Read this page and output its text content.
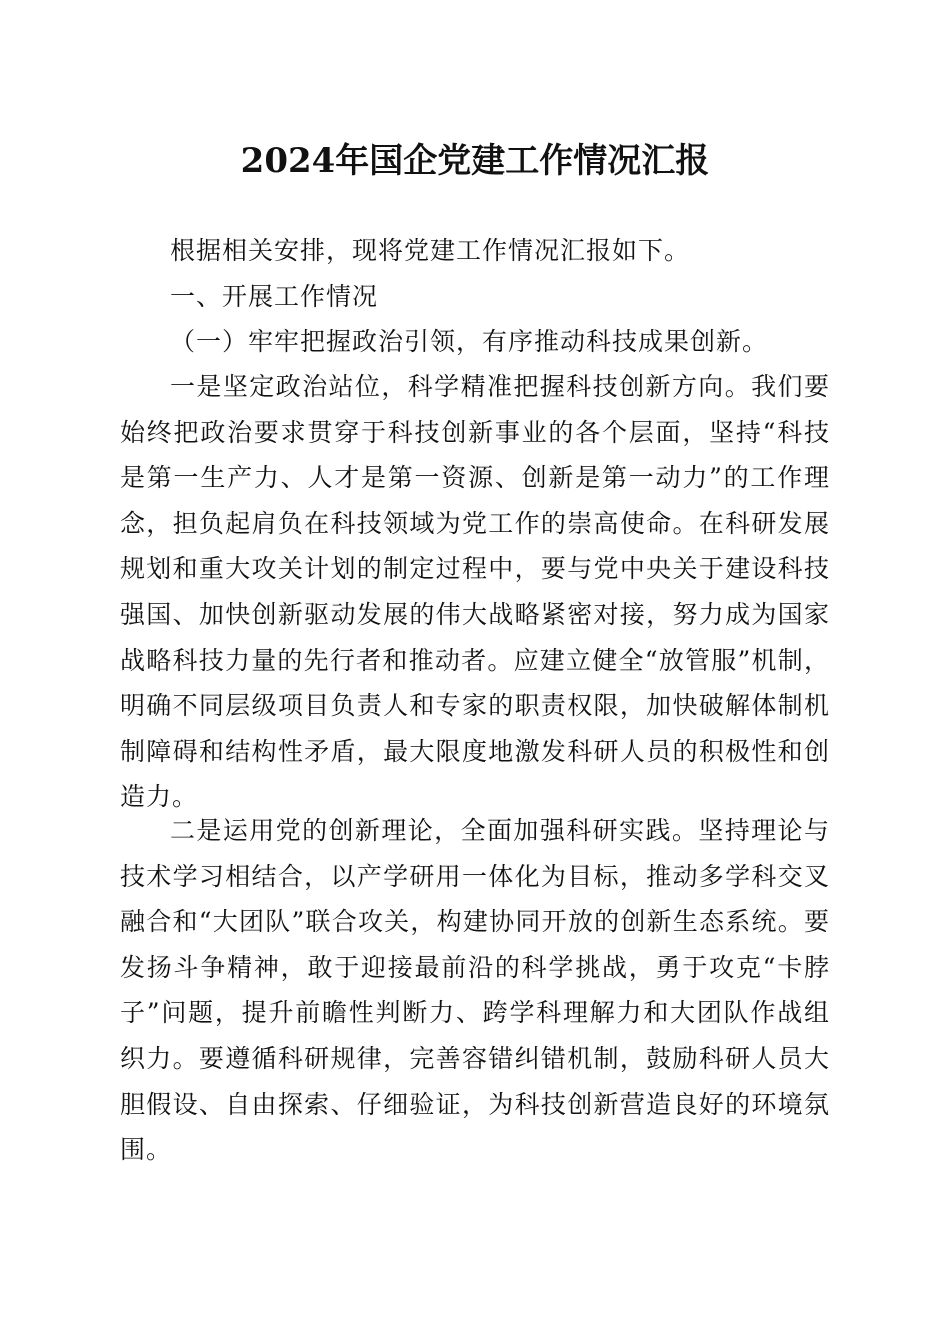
2024年国企党建工作情况汇报

根据相关安排，现将党建工作情况汇报如下。

一、开展工作情况

（一）牢牢把握政治引领，有序推动科技成果创新。

一是坚定政治站位，科学精准把握科技创新方向。我们要始终把政治要求贯穿于科技创新事业的各个层面，坚持“科技是第一生产力、人才是第一资源、创新是第一动力”的工作理念，担负起肩负在科技领域为党工作的崇高使命。在科研发展规划和重大攻关计划的制定过程中，要与党中央关于建设科技强国、加快创新驱动发展的伟大战略紧密对接，努力成为国家战略科技力量的先行者和推动者。应建立健全“放管服”机制，明确不同层级项目负责人和专家的职责权限，加快破解体制机制障碍和结构性矛盾，最大限度地激发科研人员的积极性和创造力。

二是运用党的创新理论，全面加强科研实践。坚持理论与技术学习相结合，以产学研用一体化为目标，推动多学科交叉融合和“大团队”联合攻关，构建协同开放的创新生态系统。要发扬斗争精神，敢于迎接最前沿的科学挑战，勇于攻克“卡脖子”问题，提升前瞻性判断力、跨学科理解力和大团队作战组织力。要遵循科研规律，完善容错纠错机制，鼓励科研人员大胆假设、自由探索、仔细验证，为科技创新营造良好的环境氛围。
